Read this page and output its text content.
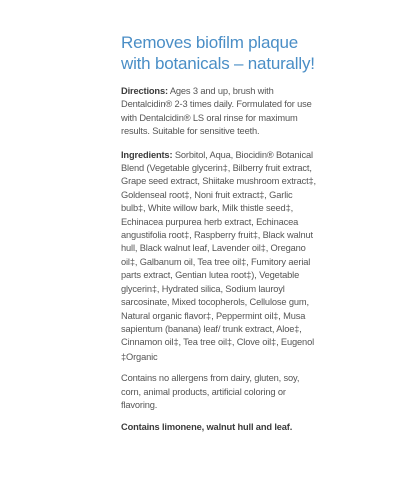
Removes biofilm plaque
with botanicals – naturally!

Directions: Ages 3 and up, brush with Dentalcidin® 2-3 times daily. Formulated for use with Dentalcidin® LS oral rinse for maximum results. Suitable for sensitive teeth.

Ingredients: Sorbitol, Aqua, Biocidin® Botanical Blend (Vegetable glycerin‡, Bilberry fruit extract, Grape seed extract, Shiitake mushroom extract‡, Goldenseal root‡, Noni fruit extract‡, Garlic bulb‡, White willow bark, Milk thistle seed‡, Echinacea purpurea herb extract, Echinacea angustifolia root‡, Raspberry fruit‡, Black walnut hull, Black walnut leaf, Lavender oil‡, Oregano oil‡, Galbanum oil, Tea tree oil‡, Fumitory aerial parts extract, Gentian lutea root‡), Vegetable glycerin‡, Hydrated silica, Sodium lauroyl sarcosinate, Mixed tocopherols, Cellulose gum, Natural organic flavor‡, Peppermint oil‡, Musa sapientum (banana) leaf/ trunk extract, Aloe‡, Cinnamon oil‡, Tea tree oil‡, Clove oil‡, Eugenol

‡Organic

Contains no allergens from dairy, gluten, soy, corn, animal products, artificial coloring or flavoring.

Contains limonene, walnut hull and leaf.
